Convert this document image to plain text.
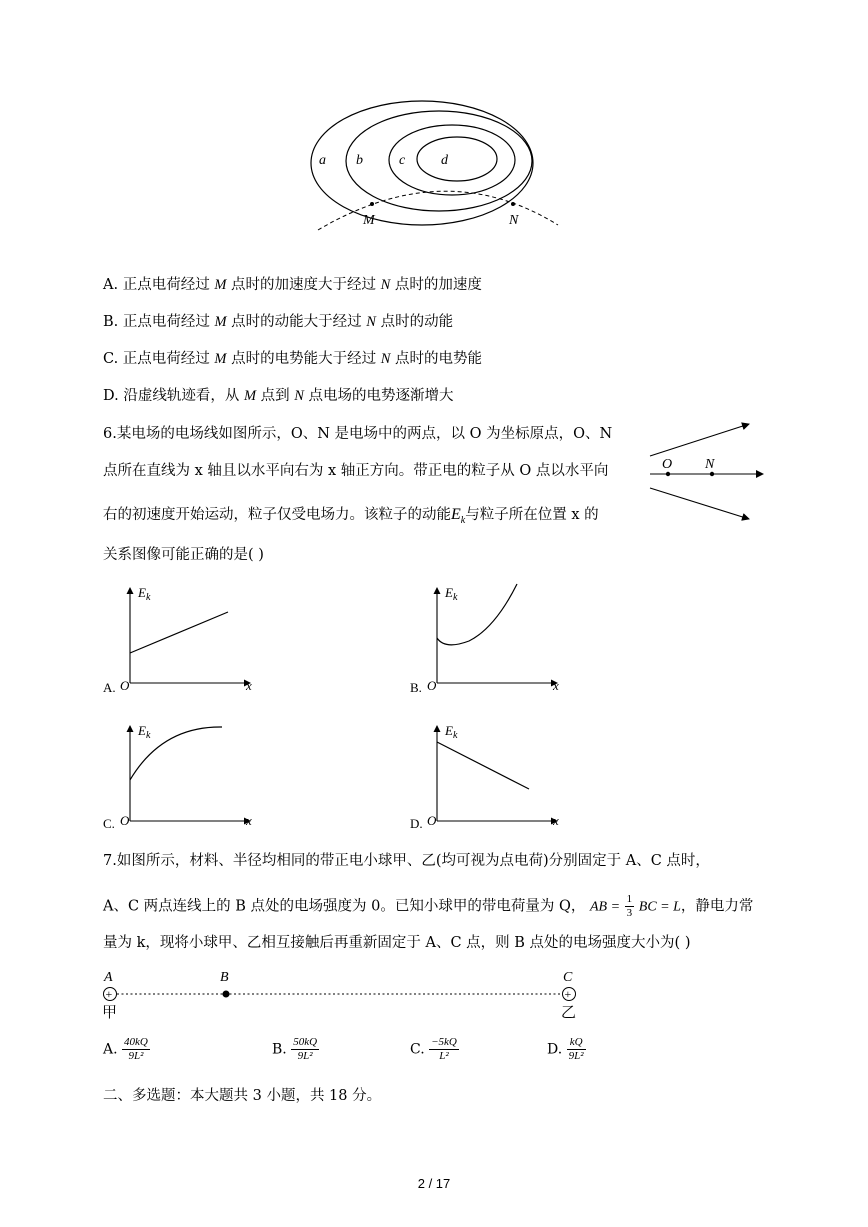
a b	c	d
M	N
A. 正点电荷经过 M 点时的加速度大于经过 N 点时的加速度
B. 正点电荷经过 M 点时的动能大于经过 N 点时的动能
C. 正点电荷经过 M 点时的电势能大于经过 N 点时的电势能
D. 沿虚线轨迹看，从 M 点到 N 点电场的电势逐渐增大
6.某电场的电场线如图所示，O、N 是电场中的两点，以 O 为坐标原点，O、N
点所在直线为 x 轴且以水平向右为 x 轴正方向。带正电的粒子从 O 点以水平向
右的初速度开始运动，粒子仅受电场力。该粒子的动能$E_k$与粒子所在位置 x 的
关系图像可能正确的是( )
O N
$E_k$
O	x
A.
$E_k$
O	x
B.
$E_k$
O	x
C.
$E_k$
O	x
D.
7.如图所示，材料、半径均相同的带正电小球甲、乙(均可视为点电荷)分别固定于 A、C 点时，
A、C 两点连线上的 B 点处的电场强度为 0。已知小球甲的带电荷量为 Q， AB = $\frac{1}{3}$ BC = L，静电力常
量为 k，现将小球甲、乙相互接触后再重新固定于 A、C 点，则 B 点处的电场强度大小为( )
+	+
A	B	C
甲	乙
A. $\frac{40kQ}{\text{9L²}}$	B. $\frac{50kQ}{\text{9L²}}$	C. $\frac{-5kQ}{\text{L²}}$	D. $\frac{kQ}{\text{9L²}}$
二、多选题：本大题共 3 小题，共 18 分。
2 / 17
